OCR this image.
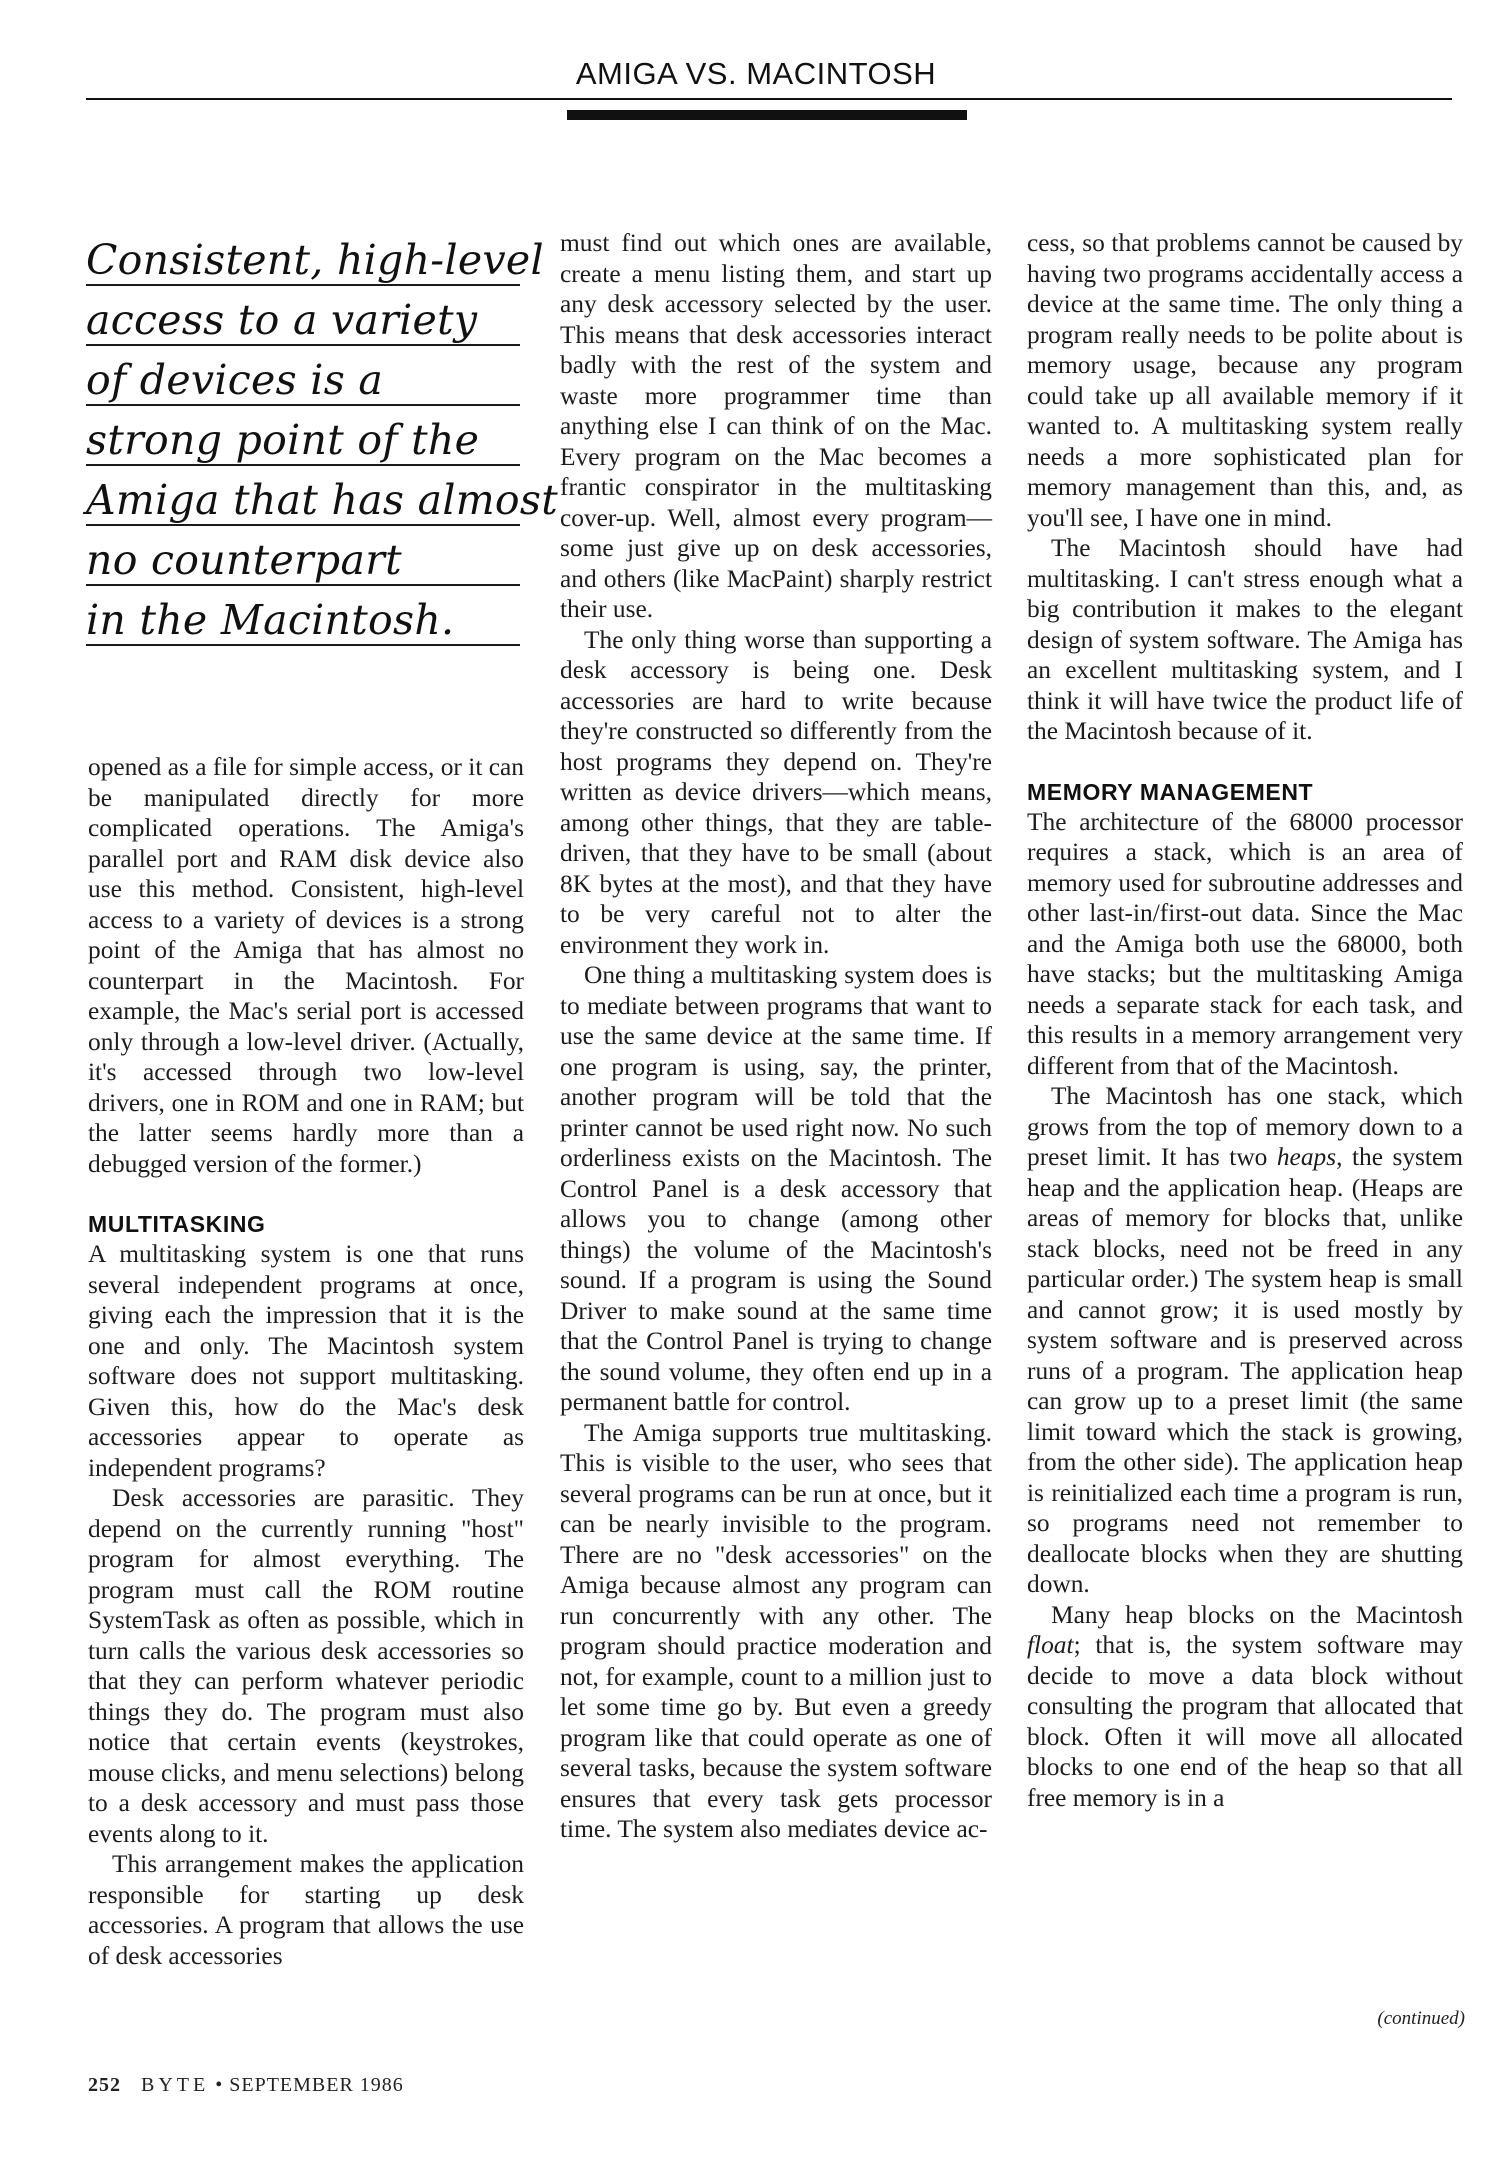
AMIGA VS. MACINTOSH
Consistent, high-level
access to a variety
of devices is a
strong point of the
Amiga that has almost
no counterpart
in the Macintosh.

opened as a file for simple access, or it can be manipulated directly for more complicated operations. The Amiga's parallel port and RAM disk device also use this method. Consistent, high-level access to a variety of devices is a strong point of the Amiga that has almost no counterpart in the Macintosh. For example, the Mac's serial port is accessed only through a low-level driver. (Actually, it's accessed through two low-level drivers, one in ROM and one in RAM; but the latter seems hardly more than a debugged version of the former.)

MULTITASKING

A multitasking system is one that runs several independent programs at once, giving each the impression that it is the one and only. The Macintosh system software does not support multitasking. Given this, how do the Mac's desk accessories appear to operate as independent programs?

Desk accessories are parasitic. They depend on the currently running "host" program for almost everything. The program must call the ROM routine SystemTask as often as possible, which in turn calls the various desk accessories so that they can perform whatever periodic things they do. The program must also notice that certain events (keystrokes, mouse clicks, and menu selections) belong to a desk accessory and must pass those events along to it.

This arrangement makes the application responsible for starting up desk accessories. A program that allows the use of desk accessories

must find out which ones are available, create a menu listing them, and start up any desk accessory selected by the user. This means that desk accessories interact badly with the rest of the system and waste more programmer time than anything else I can think of on the Mac. Every program on the Mac becomes a frantic conspirator in the multitasking cover-up. Well, almost every program—some just give up on desk accessories, and others (like MacPaint) sharply restrict their use.

The only thing worse than supporting a desk accessory is being one. Desk accessories are hard to write because they're constructed so differently from the host programs they depend on. They're written as device drivers—which means, among other things, that they are table-driven, that they have to be small (about 8K bytes at the most), and that they have to be very careful not to alter the environment they work in.

One thing a multitasking system does is to mediate between programs that want to use the same device at the same time. If one program is using, say, the printer, another program will be told that the printer cannot be used right now. No such orderliness exists on the Macintosh. The Control Panel is a desk accessory that allows you to change (among other things) the volume of the Macintosh's sound. If a program is using the Sound Driver to make sound at the same time that the Control Panel is trying to change the sound volume, they often end up in a permanent battle for control.

The Amiga supports true multitasking. This is visible to the user, who sees that several programs can be run at once, but it can be nearly invisible to the program. There are no "desk accessories" on the Amiga because almost any program can run concurrently with any other. The program should practice moderation and not, for example, count to a million just to let some time go by. But even a greedy program like that could operate as one of several tasks, because the system software ensures that every task gets processor time. The system also mediates device ac-

cess, so that problems cannot be caused by having two programs accidentally access a device at the same time. The only thing a program really needs to be polite about is memory usage, because any program could take up all available memory if it wanted to. A multitasking system really needs a more sophisticated plan for memory management than this, and, as you'll see, I have one in mind.

The Macintosh should have had multitasking. I can't stress enough what a big contribution it makes to the elegant design of system software. The Amiga has an excellent multitasking system, and I think it will have twice the product life of the Macintosh because of it.

MEMORY MANAGEMENT

The architecture of the 68000 processor requires a stack, which is an area of memory used for subroutine addresses and other last-in/first-out data. Since the Mac and the Amiga both use the 68000, both have stacks; but the multitasking Amiga needs a separate stack for each task, and this results in a memory arrangement very different from that of the Macintosh.

The Macintosh has one stack, which grows from the top of memory down to a preset limit. It has two heaps, the system heap and the application heap. (Heaps are areas of memory for blocks that, unlike stack blocks, need not be freed in any particular order.) The system heap is small and cannot grow; it is used mostly by system software and is preserved across runs of a program. The application heap can grow up to a preset limit (the same limit toward which the stack is growing, from the other side). The application heap is reinitialized each time a program is run, so programs need not remember to deallocate blocks when they are shutting down.

Many heap blocks on the Macintosh float; that is, the system software may decide to move a data block without consulting the program that allocated that block. Often it will move all allocated blocks to one end of the heap so that all free memory is in a

(continued)
252 BYTE • SEPTEMBER 1986
